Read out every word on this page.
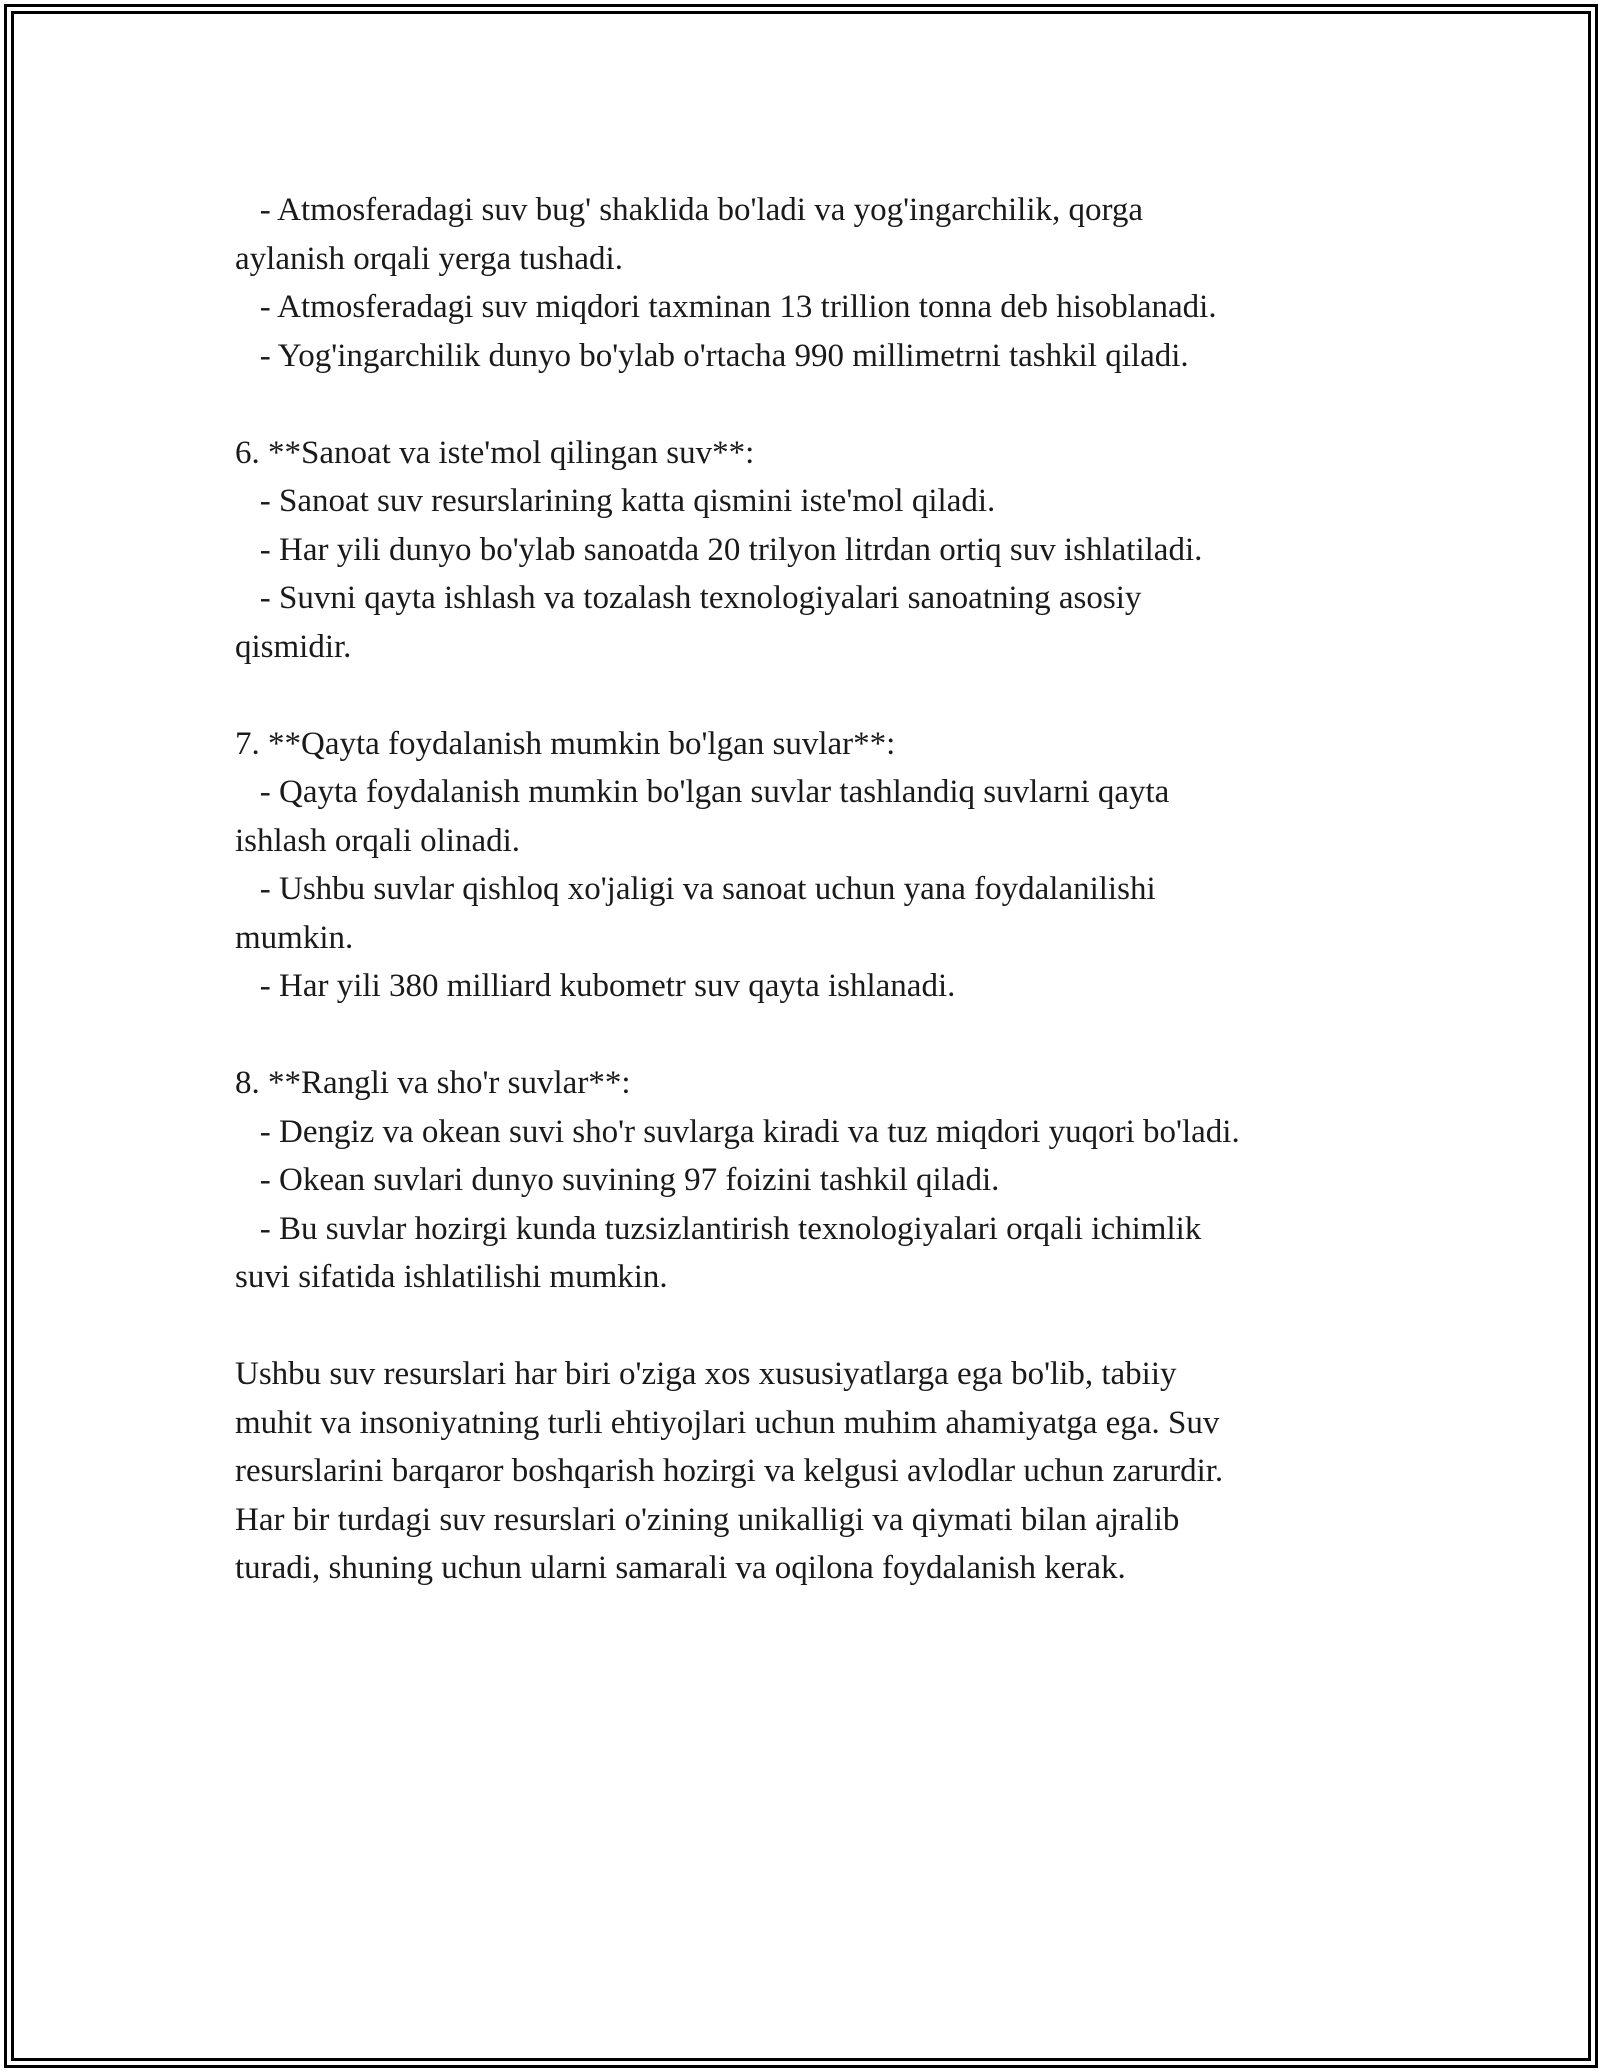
- Atmosferadagi suv bug' shaklida bo'ladi va yog'ingarchilik, qorga
aylanish orqali yerga tushadi.
- Atmosferadagi suv miqdori taxminan 13 trillion tonna deb hisoblanadi.
- Yog'ingarchilik dunyo bo'ylab o'rtacha 990 millimetrni tashkil qiladi.
6. **Sanoat va iste'mol qilingan suv**:
- Sanoat suv resurslarining katta qismini iste'mol qiladi.
- Har yili dunyo bo'ylab sanoatda 20 trilyon litrdan ortiq suv ishlatiladi.
- Suvni qayta ishlash va tozalash texnologiyalari sanoatning asosiy
qismidir.
7. **Qayta foydalanish mumkin bo'lgan suvlar**:
- Qayta foydalanish mumkin bo'lgan suvlar tashlandiq suvlarni qayta
ishlash orqali olinadi.
- Ushbu suvlar qishloq xo'jaligi va sanoat uchun yana foydalanilishi
mumkin.
- Har yili 380 milliard kubometr suv qayta ishlanadi.
8. **Rangli va sho'r suvlar**:
- Dengiz va okean suvi sho'r suvlarga kiradi va tuz miqdori yuqori bo'ladi.
- Okean suvlari dunyo suvining 97 foizini tashkil qiladi.
- Bu suvlar hozirgi kunda tuzsizlantirish texnologiyalari orqali ichimlik
suvi sifatida ishlatilishi mumkin.
Ushbu suv resurslari har biri o'ziga xos xususiyatlarga ega bo'lib, tabiiy
muhit va insoniyatning turli ehtiyojlari uchun muhim ahamiyatga ega. Suv
resurslarini barqaror boshqarish hozirgi va kelgusi avlodlar uchun zarurdir.
Har bir turdagi suv resurslari o'zining unikalligi va qiymati bilan ajralib
turadi, shuning uchun ularni samarali va oqilona foydalanish kerak.
